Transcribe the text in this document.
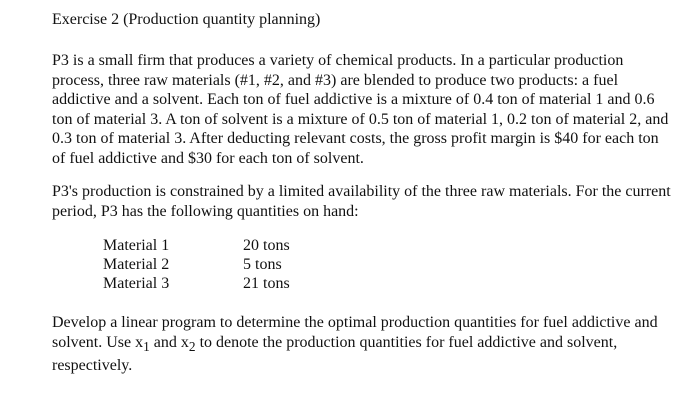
Exercise 2 (Production quantity planning)
P3 is a small firm that produces a variety of chemical products. In a particular production
process, three raw materials (#1, #2, and #3) are blended to produce two products: a fuel
addictive and a solvent. Each ton of fuel addictive is a mixture of 0.4 ton of material 1 and 0.6
ton of material 3. A ton of solvent is a mixture of 0.5 ton of material 1, 0.2 ton of material 2, and
0.3 ton of material 3. After deducting relevant costs, the gross profit margin is $40 for each ton
of fuel addictive and $30 for each ton of solvent.
P3's production is constrained by a limited availability of the three raw materials. For the current
period, P3 has the following quantities on hand:
Material 1	20 tons
Material 2	5 tons
Material 3	21 tons
Develop a linear program to determine the optimal production quantities for fuel addictive and
solvent. Use $x_1$ and $x_2$ to denote the production quantities for fuel addictive and solvent,
respectively.
